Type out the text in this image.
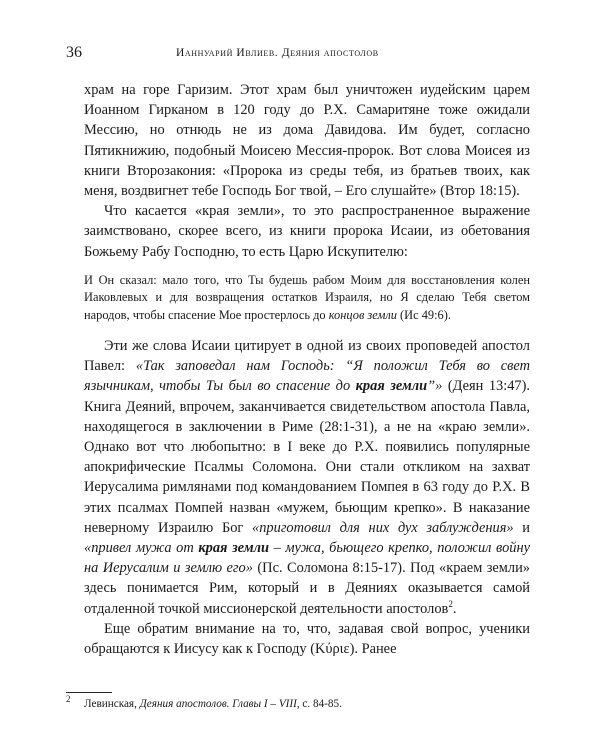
36	Ианнуарий Ивлиев. Деяния апостолов

храм на горе Гаризим. Этот храм был уничтожен иудейским царем Иоанном Гирканом в 120 году до Р.Х. Самаритяне тоже ожидали Мессию, но отнюдь не из дома Давидова. Им будет, согласно Пятикнижию, подобный Моисею Мессия-пророк. Вот слова Моисея из книги Второзакония: «Пророка из среды тебя, из братьев твоих, как меня, воздвигнет тебе Господь Бог твой, – Его слушайте» (Втор 18:15).

Что касается «края земли», то это распространенное выражение заимствовано, скорее всего, из книги пророка Исаии, из обетования Божьему Рабу Господню, то есть Царю Искупителю:

И Он сказал: мало того, что Ты будешь рабом Моим для восстановления колен Иаковлевых и для возвращения остатков Израиля, но Я сделаю Тебя светом народов, чтобы спасение Мое простерлось до концов земли (Ис 49:6).

Эти же слова Исаии цитирует в одной из своих проповедей апостол Павел: «Так заповедал нам Господь: “Я положил Тебя во свет язычникам, чтобы Ты был во спасение до края земли”» (Деян 13:47). Книга Деяний, впрочем, заканчивается свидетельством апостола Павла, находящегося в заключении в Риме (28:1-31), а не на «краю земли». Однако вот что любопытно: в I веке до Р.Х. появились популярные апокрифические Псалмы Соломона. Они стали откликом на захват Иерусалима римлянами под командованием Помпея в 63 году до Р.Х. В этих псалмах Помпей назван «мужем, бьющим крепко». В наказание неверному Израилю Бог «приготовил для них дух заблуждения» и «привел мужа от края земли – мужа, бьющего крепко, положил войну на Иерусалим и землю его» (Пс. Соломона 8:15-17). Под «краем земли» здесь понимается Рим, который и в Деяниях оказывается самой отдаленной точкой миссионерской деятельности апостолов$^2$.

Еще обратим внимание на то, что, задавая свой вопрос, ученики обращаются к Иисусу как к Господу (Κύριε). Ранее

$^2$ Левинская, Деяния апостолов. Главы I – VIII, с. 84-85.
